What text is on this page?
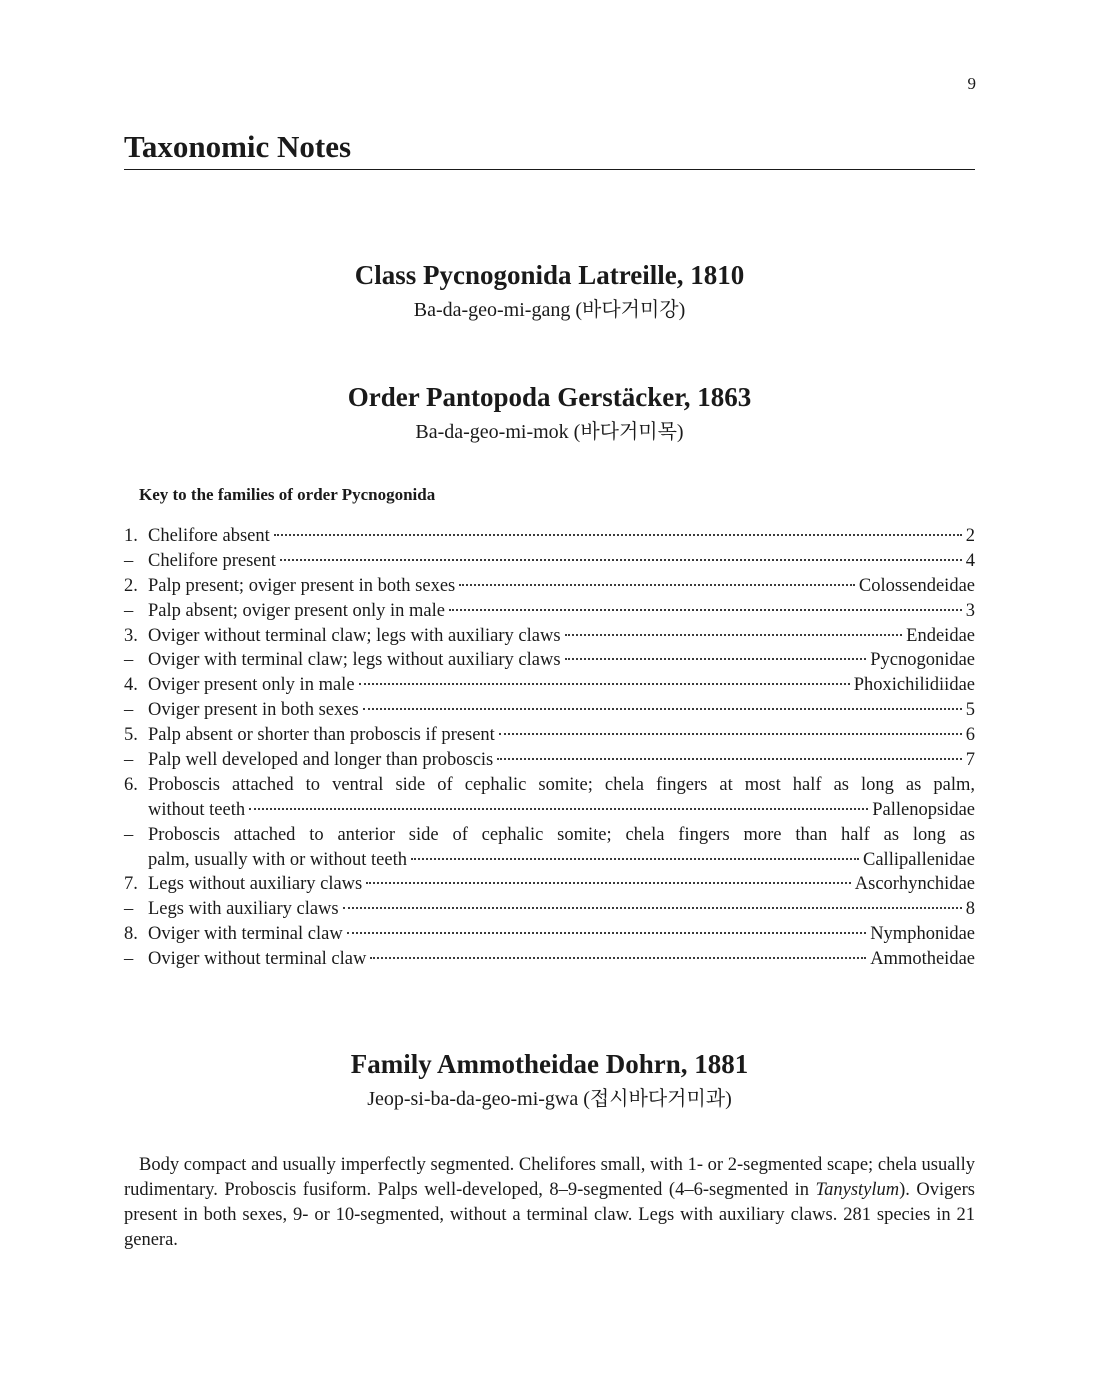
9
Taxonomic Notes
Class Pycnogonida Latreille, 1810
Ba-da-geo-mi-gang (바다거미강)
Order Pantopoda Gerstäcker, 1863
Ba-da-geo-mi-mok (바다거미목)
Key to the families of order Pycnogonida
1. Chelifore absent	2
– Chelifore present	4
2. Palp present; oviger present in both sexes	Colossendeidae
– Palp absent; oviger present only in male	3
3. Oviger without terminal claw; legs with auxiliary claws	Endeidae
– Oviger with terminal claw; legs without auxiliary claws	Pycnogonidae
4. Oviger present only in male	Phoxichilidiidae
– Oviger present in both sexes	5
5. Palp absent or shorter than proboscis if present	6
– Palp well developed and longer than proboscis	7
6. Proboscis attached to ventral side of cephalic somite; chela fingers at most half as long as palm,
without teeth	Pallenopsidae
– Proboscis attached to anterior side of cephalic somite; chela fingers more than half as long as
palm, usually with or without teeth	Callipallenidae
7. Legs without auxiliary claws	Ascorhynchidae
– Legs with auxiliary claws	8
8. Oviger with terminal claw	Nymphonidae
– Oviger without terminal claw	Ammotheidae
Family Ammotheidae Dohrn, 1881
Jeop-si-ba-da-geo-mi-gwa (접시바다거미과)

Body compact and usually imperfectly segmented. Chelifores small, with 1- or 2-segmented scape; chela usually rudimentary. Proboscis fusiform. Palps well-developed, 8–9-segmented (4–6-segmented in Tanystylum). Ovigers present in both sexes, 9- or 10-segmented, without a terminal claw. Legs with auxiliary claws. 281 species in 21 genera.
